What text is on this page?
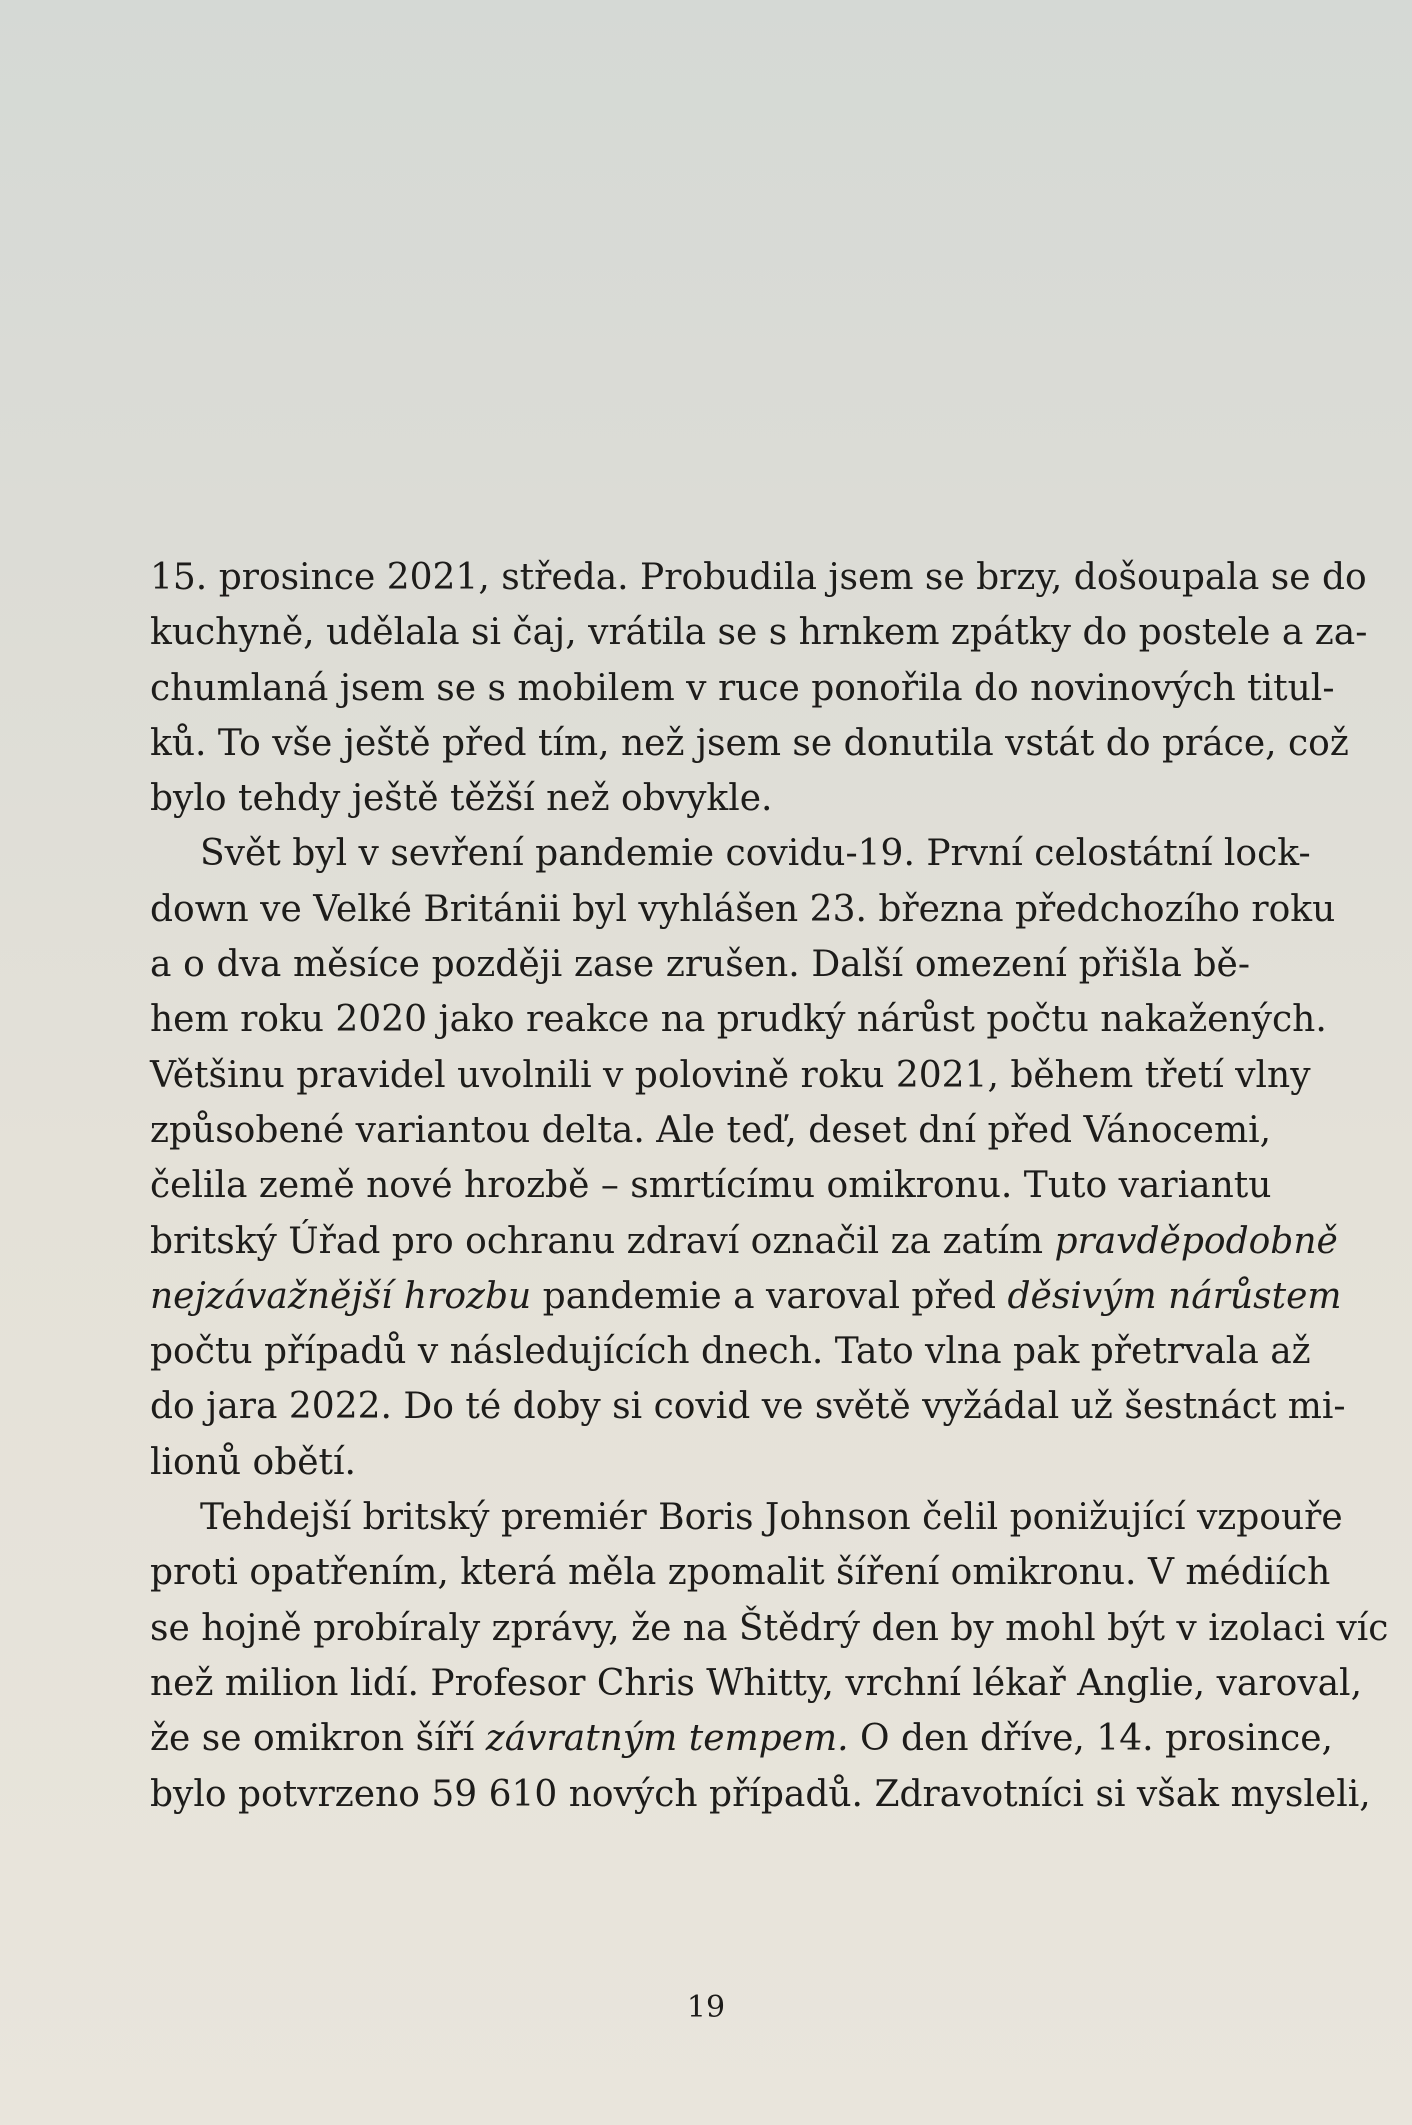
15. prosince 2021, středa. Probudila jsem se brzy, došoupala se do
kuchyně, udělala si čaj, vrátila se s hrnkem zpátky do postele a za-
chumlaná jsem se s mobilem v ruce ponořila do novinových titul-
ků. To vše ještě před tím, než jsem se donutila vstát do práce, což
bylo tehdy ještě těžší než obvykle.
Svět byl v sevření pandemie covidu-19. První celostátní lock-
down ve Velké Británii byl vyhlášen 23. března předchozího roku
a o dva měsíce později zase zrušen. Další omezení přišla bě-
hem roku 2020 jako reakce na prudký nárůst počtu nakažených.
Většinu pravidel uvolnili v polovině roku 2021, během třetí vlny
způsobené variantou delta. Ale teď, deset dní před Vánocemi,
čelila země nové hrozbě – smrtícímu omikronu. Tuto variantu
britský Úřad pro ochranu zdraví označil za zatím pravděpodobně
nejzávažnější hrozbu pandemie a varoval před děsivým nárůstem
počtu případů v následujících dnech. Tato vlna pak přetrvala až
do jara 2022. Do té doby si covid ve světě vyžádal už šestnáct mi-
lionů obětí.
Tehdejší britský premiér Boris Johnson čelil ponižující vzpouře
proti opatřením, která měla zpomalit šíření omikronu. V médiích
se hojně probíraly zprávy, že na Štědrý den by mohl být v izolaci víc
než milion lidí. Profesor Chris Whitty, vrchní lékař Anglie, varoval,
že se omikron šíří závratným tempem. O den dříve, 14. prosince,
bylo potvrzeno 59 610 nových případů. Zdravotníci si však mysleli,
19
